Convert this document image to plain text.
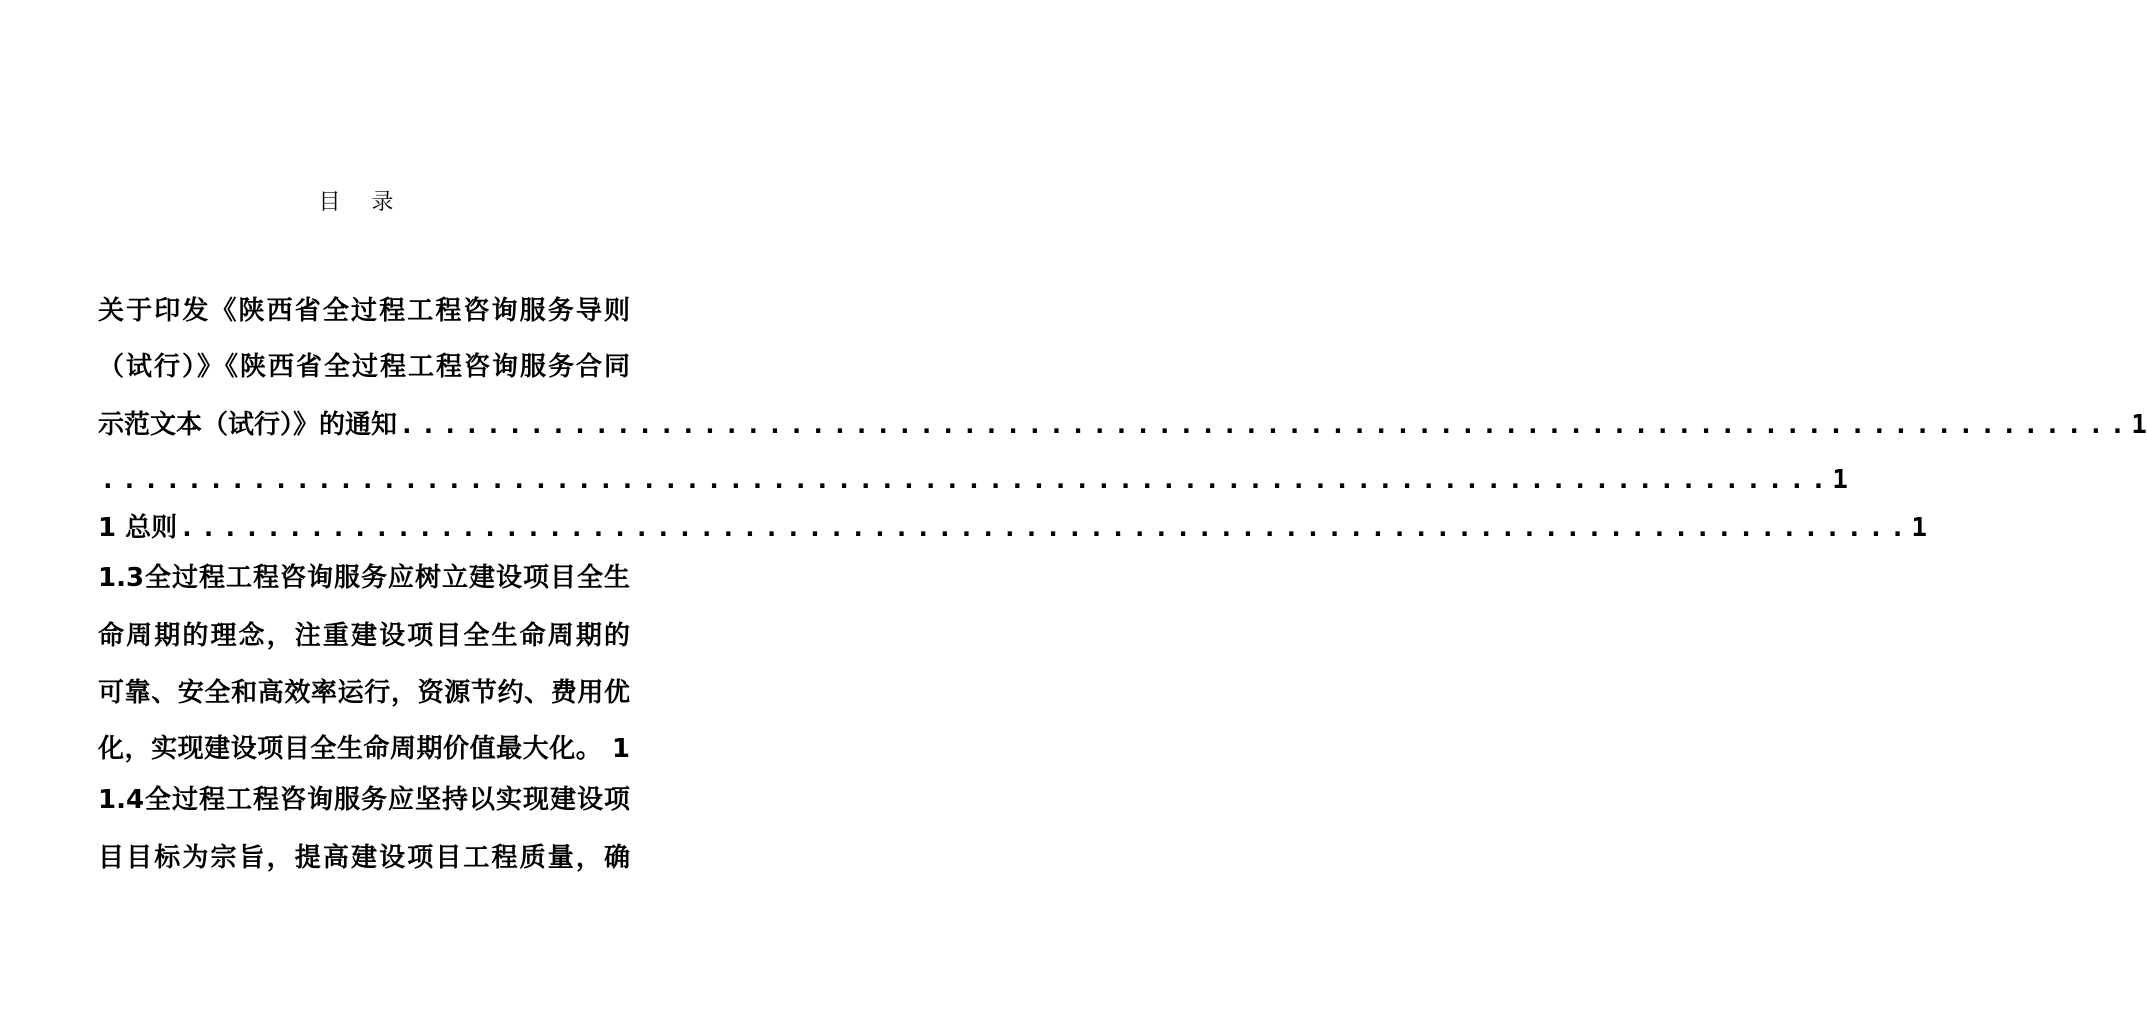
目 录
关于印发《陕西省全过程工程咨询服务导则
（试行）》《陕西省全过程工程咨询服务合同
示范文本（试行）》的通知 ................................................................................ 1
................................................................................ 1
1 总则 ................................................................................ 1
1.3全过程工程咨询服务应树立建设项目全生
命周期的理念，注重建设项目全生命周期的
可靠、安全和高效率运行，资源节约、费用优
化，实现建设项目全生命周期价值最大化。 1
1.4全过程工程咨询服务应坚持以实现建设项
目目标为宗旨，提高建设项目工程质量，确
